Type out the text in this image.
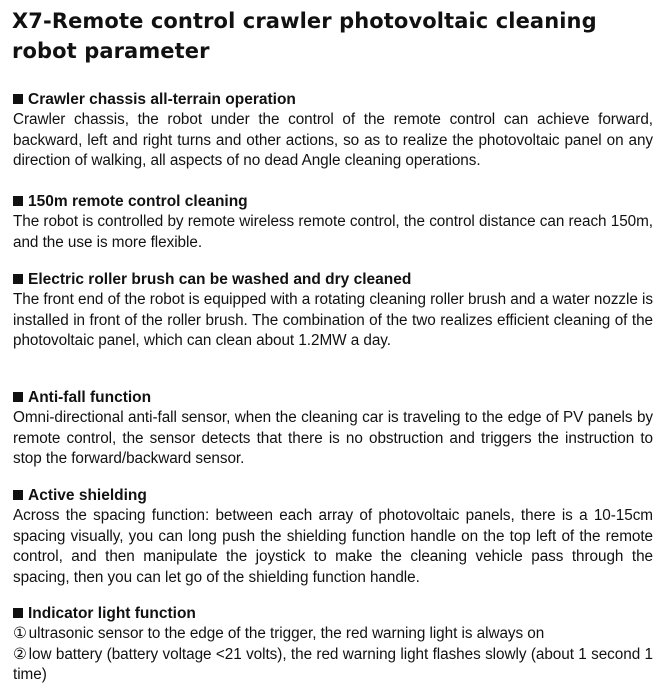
X7-Remote control crawler photovoltaic cleaning robot parameter
Crawler chassis all-terrain operation
Crawler chassis, the robot under the control of the remote control can achieve forward, backward, left and right turns and other actions, so as to realize the photovoltaic panel on any direction of walking, all aspects of no dead Angle cleaning operations.
150m remote control cleaning
The robot is controlled by remote wireless remote control, the control distance can reach 150m, and the use is more flexible.
Electric roller brush can be washed and dry cleaned
The front end of the robot is equipped with a rotating cleaning roller brush and a water nozzle is installed in front of the roller brush. The combination of the two realizes efficient cleaning of the photovoltaic panel, which can clean about 1.2MW a day.
Anti-fall function
Omni-directional anti-fall sensor, when the cleaning car is traveling to the edge of PV panels by remote control, the sensor detects that there is no obstruction and triggers the instruction to stop the forward/backward sensor.
Active shielding
Across the spacing function: between each array of photovoltaic panels, there is a 10-15cm spacing visually, you can long push the shielding function handle on the top left of the remote control, and then manipulate the joystick to make the cleaning vehicle pass through the spacing, then you can let go of the shielding function handle.
Indicator light function
① ultrasonic sensor to the edge of the trigger, the red warning light is always on
② low battery (battery voltage <21 volts), the red warning light flashes slowly (about 1 second 1 time)
